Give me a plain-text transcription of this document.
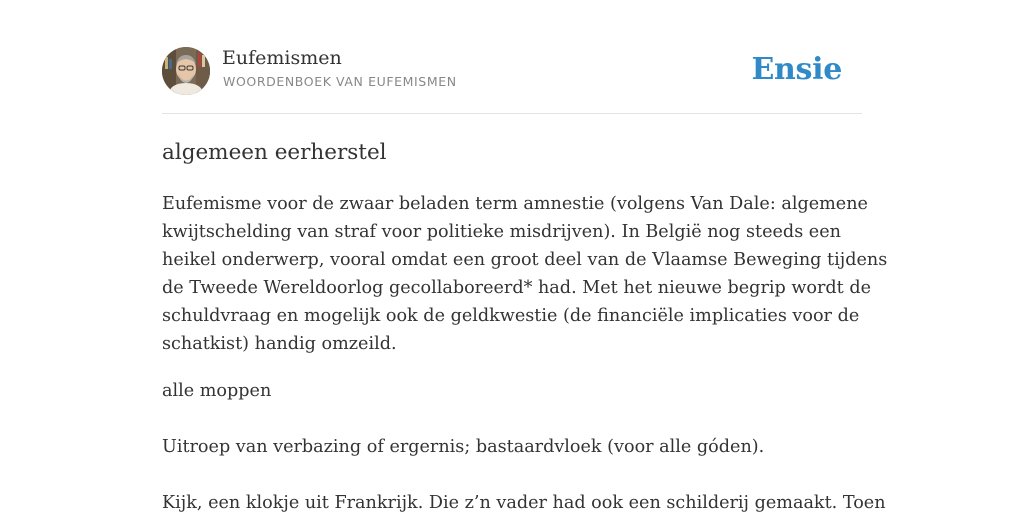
Eufemismen
WOORDENBOEK VAN EUFEMISMEN	Ensie
algemeen eerherstel
Eufemisme voor de zwaar beladen term amnestie (volgens Van Dale: algemene
kwijtschelding van straf voor politieke misdrijven). In België nog steeds een
heikel onderwerp, vooral omdat een groot deel van de Vlaamse Beweging tijdens
de Tweede Wereldoorlog gecollaboreerd* had. Met het nieuwe begrip wordt de
schuldvraag en mogelijk ook de geldkwestie (de financiële implicaties voor de
schatkist) handig omzeild.
alle moppen
Uitroep van verbazing of ergernis; bastaardvloek (voor alle góden).
Kijk, een klokje uit Frankrijk. Die z’n vader had ook een schilderij gemaakt. Toen
